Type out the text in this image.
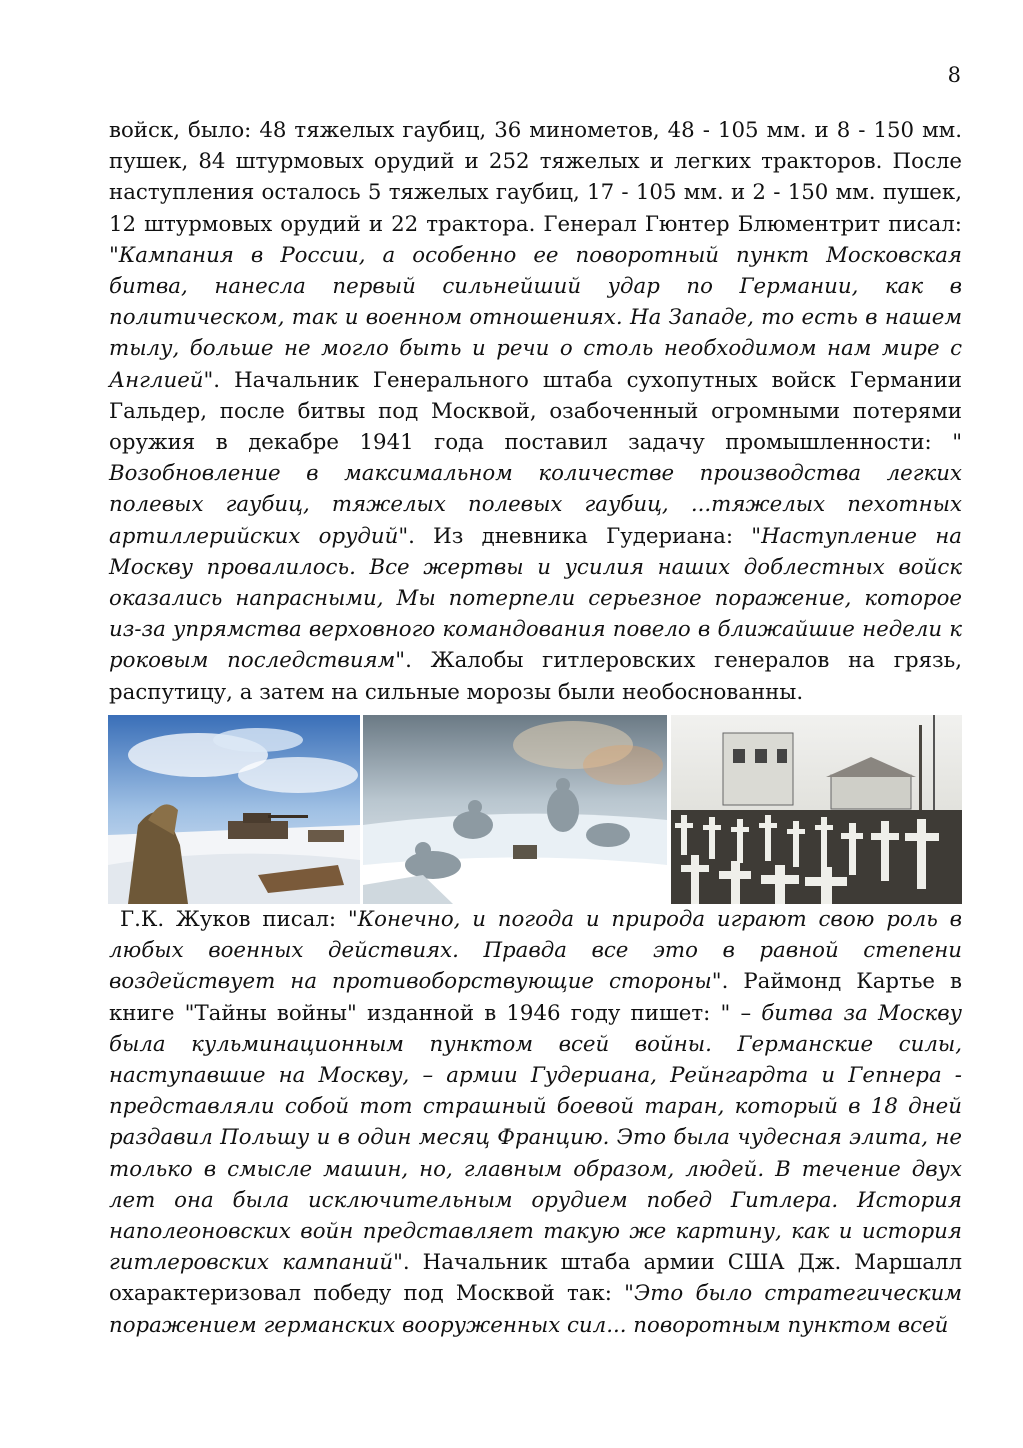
8
войск, было: 48 тяжелых гаубиц, 36 минометов, 48 - 105 мм. и 8 - 150 мм. пушек, 84 штурмовых орудий и 252 тяжелых и легких тракторов. После наступления осталось 5 тяжелых гаубиц, 17 - 105 мм. и 2 - 150 мм. пушек, 12 штурмовых орудий и 22 трактора. Генерал Гюнтер Блюментрит писал: "Кампания в России, а особенно ее поворотный пункт Московская битва, нанесла первый сильнейший удар по Германии, как в политическом, так и военном отношениях. На Западе, то есть в нашем тылу, больше не могло быть и речи о столь необходимом нам мире с Англией". Начальник Генерального штаба сухопутных войск Германии Гальдер, после битвы под Москвой, озабоченный огромными потерями оружия в декабре 1941 года поставил задачу промышленности: " Возобновление в максимальном количестве производства легких полевых гаубиц, тяжелых полевых гаубиц, ...тяжелых пехотных артиллерийских орудий". Из дневника Гудериана: "Наступление на Москву провалилось. Все жертвы и усилия наших доблестных войск оказались напрасными, Мы потерпели серьезное поражение, которое из-за упрямства верховного командования повело в ближайшие недели к роковым последствиям". Жалобы гитлеровских генералов на грязь, распутицу, а затем на сильные морозы были необоснованны.
Г.К. Жуков писал: "Конечно, и погода и природа играют свою роль в любых военных действиях. Правда все это в равной степени воздействует на противоборствующие стороны". Раймонд Картье в книге "Тайны войны" изданной в 1946 году пишет: " – битва за Москву была кульминационным пунктом всей войны. Германские силы, наступавшие на Москву, – армии Гудериана, Рейнгардта и Гепнера - представляли собой тот страшный боевой таран, который в 18 дней раздавил Польшу и в один месяц Францию. Это была чудесная элита, не только в смысле машин, но, главным образом, людей. В течение двух лет она была исключительным орудием побед Гитлера. История наполеоновских войн представляет такую же картину, как и история гитлеровских кампаний". Начальник штаба армии США Дж. Маршалл охарактеризовал победу под Москвой так: "Это было стратегическим поражением германских вооруженных сил... поворотным пунктом всей
